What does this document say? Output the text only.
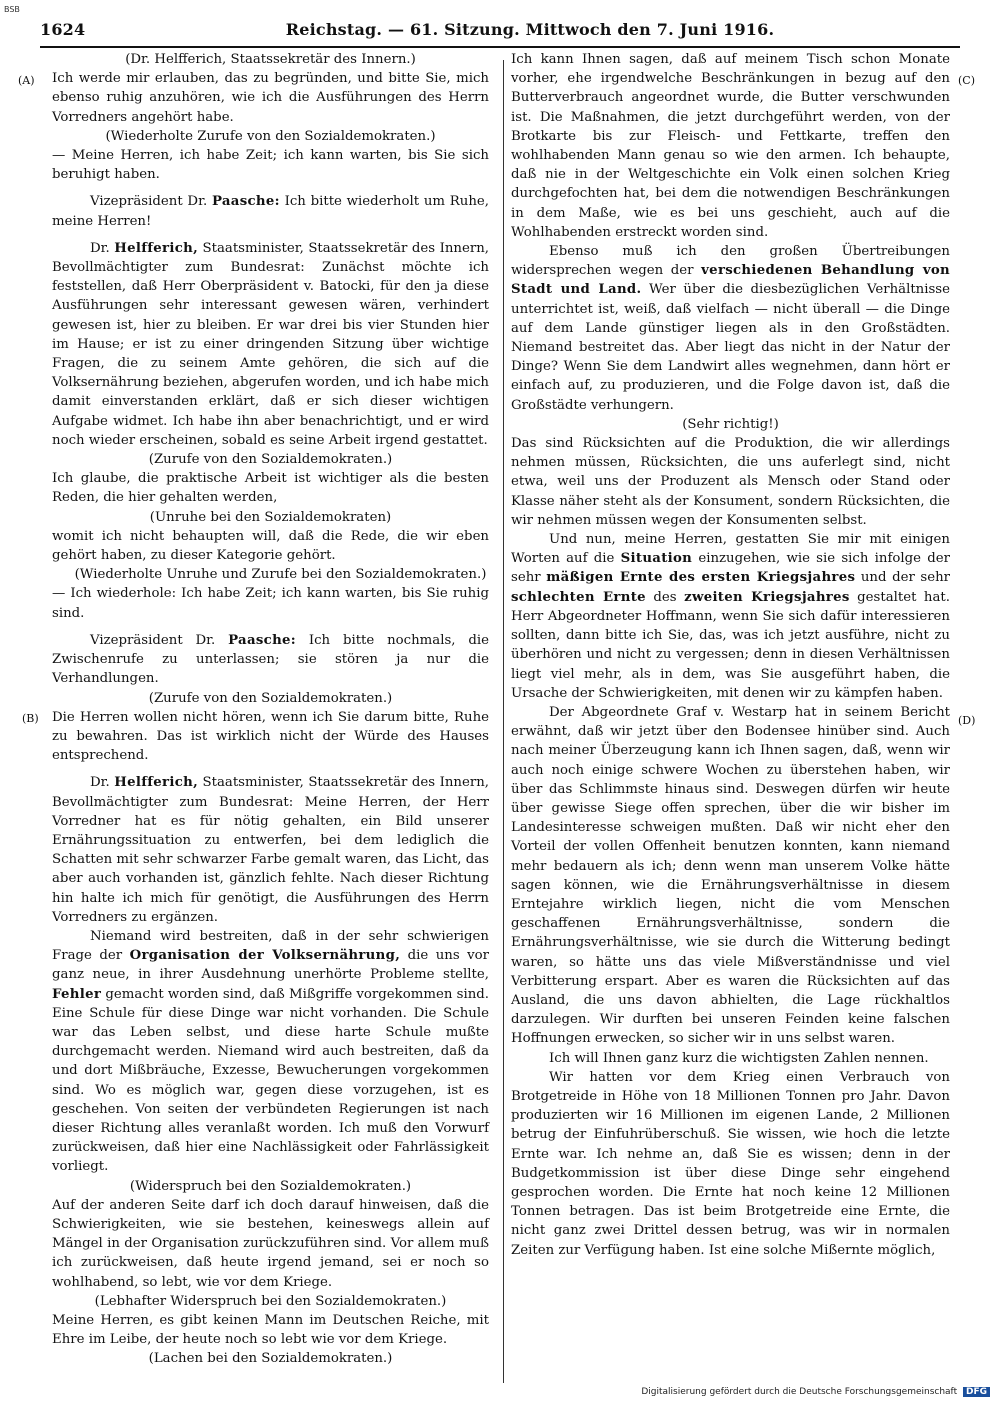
BSB
1624	Reichstag. — 61. Sitzung. Mittwoch den 7. Juni 1916.
(A)
(B)
(C)
(D)

(Dr. Helfferich, Staatssekretär des Innern.)

Ich werde mir erlauben, das zu begründen, und bitte Sie, mich ebenso ruhig anzuhören, wie ich die Ausführungen des Herrn Vorredners angehört habe.

(Wiederholte Zurufe von den Sozialdemokraten.)

— Meine Herren, ich habe Zeit; ich kann warten, bis Sie sich beruhigt haben.

Vizepräsident Dr. Paasche: Ich bitte wiederholt um Ruhe, meine Herren!

Dr. Helfferich, Staatsminister, Staatssekretär des Innern, Bevollmächtigter zum Bundesrat: Zunächst möchte ich feststellen, daß Herr Oberpräsident v. Batocki, für den ja diese Ausführungen sehr interessant gewesen wären, verhindert gewesen ist, hier zu bleiben. Er war drei bis vier Stunden hier im Hause; er ist zu einer dringenden Sitzung über wichtige Fragen, die zu seinem Amte gehören, die sich auf die Volksernährung beziehen, abgerufen worden, und ich habe mich damit einverstanden erklärt, daß er sich dieser wichtigen Aufgabe widmet. Ich habe ihn aber benachrichtigt, und er wird noch wieder erscheinen, sobald es seine Arbeit irgend gestattet.

(Zurufe von den Sozialdemokraten.)

Ich glaube, die praktische Arbeit ist wichtiger als die besten Reden, die hier gehalten werden,

(Unruhe bei den Sozialdemokraten)

womit ich nicht behaupten will, daß die Rede, die wir eben gehört haben, zu dieser Kategorie gehört.

(Wiederholte Unruhe und Zurufe bei den Sozialdemokraten.)

— Ich wiederhole: Ich habe Zeit; ich kann warten, bis Sie ruhig sind.

Vizepräsident Dr. Paasche: Ich bitte nochmals, die Zwischenrufe zu unterlassen; sie stören ja nur die Verhandlungen.

(Zurufe von den Sozialdemokraten.)

Die Herren wollen nicht hören, wenn ich Sie darum bitte, Ruhe zu bewahren. Das ist wirklich nicht der Würde des Hauses entsprechend.

Dr. Helfferich, Staatsminister, Staatssekretär des Innern, Bevollmächtigter zum Bundesrat: Meine Herren, der Herr Vorredner hat es für nötig gehalten, ein Bild unserer Ernährungssituation zu entwerfen, bei dem lediglich die Schatten mit sehr schwarzer Farbe gemalt waren, das Licht, das aber auch vorhanden ist, gänzlich fehlte. Nach dieser Richtung hin halte ich mich für genötigt, die Ausführungen des Herrn Vorredners zu ergänzen.

Niemand wird bestreiten, daß in der sehr schwierigen Frage der Organisation der Volksernährung, die uns vor ganz neue, in ihrer Ausdehnung unerhörte Probleme stellte, Fehler gemacht worden sind, daß Mißgriffe vorgekommen sind. Eine Schule für diese Dinge war nicht vorhanden. Die Schule war das Leben selbst, und diese harte Schule mußte durchgemacht werden. Niemand wird auch bestreiten, daß da und dort Mißbräuche, Exzesse, Bewucherungen vorgekommen sind. Wo es möglich war, gegen diese vorzugehen, ist es geschehen. Von seiten der verbündeten Regierungen ist nach dieser Richtung alles veranlaßt worden. Ich muß den Vorwurf zurückweisen, daß hier eine Nachlässigkeit oder Fahrlässigkeit vorliegt.

(Widerspruch bei den Sozialdemokraten.)

Auf der anderen Seite darf ich doch darauf hinweisen, daß die Schwierigkeiten, wie sie bestehen, keineswegs allein auf Mängel in der Organisation zurückzuführen sind. Vor allem muß ich zurückweisen, daß heute irgend jemand, sei er noch so wohlhabend, so lebt, wie vor dem Kriege.

(Lebhafter Widerspruch bei den Sozialdemokraten.)

Meine Herren, es gibt keinen Mann im Deutschen Reiche, mit Ehre im Leibe, der heute noch so lebt wie vor dem Kriege.

(Lachen bei den Sozialdemokraten.)

Ich kann Ihnen sagen, daß auf meinem Tisch schon Monate vorher, ehe irgendwelche Beschränkungen in bezug auf den Butterverbrauch angeordnet wurde, die Butter verschwunden ist. Die Maßnahmen, die jetzt durchgeführt werden, von der Brotkarte bis zur Fleisch- und Fettkarte, treffen den wohlhabenden Mann genau so wie den armen. Ich behaupte, daß nie in der Weltgeschichte ein Volk einen solchen Krieg durchgefochten hat, bei dem die notwendigen Beschränkungen in dem Maße, wie es bei uns geschieht, auch auf die Wohlhabenden erstreckt worden sind.

Ebenso muß ich den großen Übertreibungen widersprechen wegen der verschiedenen Behandlung von Stadt und Land. Wer über die diesbezüglichen Verhältnisse unterrichtet ist, weiß, daß vielfach — nicht überall — die Dinge auf dem Lande günstiger liegen als in den Großstädten. Niemand bestreitet das. Aber liegt das nicht in der Natur der Dinge? Wenn Sie dem Landwirt alles wegnehmen, dann hört er einfach auf, zu produzieren, und die Folge davon ist, daß die Großstädte verhungern.

(Sehr richtig!)

Das sind Rücksichten auf die Produktion, die wir allerdings nehmen müssen, Rücksichten, die uns auferlegt sind, nicht etwa, weil uns der Produzent als Mensch oder Stand oder Klasse näher steht als der Konsument, sondern Rücksichten, die wir nehmen müssen wegen der Konsumenten selbst.

Und nun, meine Herren, gestatten Sie mir mit einigen Worten auf die Situation einzugehen, wie sie sich infolge der sehr mäßigen Ernte des ersten Kriegsjahres und der sehr schlechten Ernte des zweiten Kriegsjahres gestaltet hat. Herr Abgeordneter Hoffmann, wenn Sie sich dafür interessieren sollten, dann bitte ich Sie, das, was ich jetzt ausführe, nicht zu überhören und nicht zu vergessen; denn in diesen Verhältnissen liegt viel mehr, als in dem, was Sie ausgeführt haben, die Ursache der Schwierigkeiten, mit denen wir zu kämpfen haben.

Der Abgeordnete Graf v. Westarp hat in seinem Bericht erwähnt, daß wir jetzt über den Bodensee hinüber sind. Auch nach meiner Überzeugung kann ich Ihnen sagen, daß, wenn wir auch noch einige schwere Wochen zu überstehen haben, wir über das Schlimmste hinaus sind. Deswegen dürfen wir heute über gewisse Siege offen sprechen, über die wir bisher im Landesinteresse schweigen mußten. Daß wir nicht eher den Vorteil der vollen Offenheit benutzen konnten, kann niemand mehr bedauern als ich; denn wenn man unserem Volke hätte sagen können, wie die Ernährungsverhältnisse in diesem Erntejahre wirklich liegen, nicht die vom Menschen geschaffenen Ernährungsverhältnisse, sondern die Ernährungsverhältnisse, wie sie durch die Witterung bedingt waren, so hätte uns das viele Mißverständnisse und viel Verbitterung erspart. Aber es waren die Rücksichten auf das Ausland, die uns davon abhielten, die Lage rückhaltlos darzulegen. Wir durften bei unseren Feinden keine falschen Hoffnungen erwecken, so sicher wir in uns selbst waren.

Ich will Ihnen ganz kurz die wichtigsten Zahlen nennen.

Wir hatten vor dem Krieg einen Verbrauch von Brotgetreide in Höhe von 18 Millionen Tonnen pro Jahr. Davon produzierten wir 16 Millionen im eigenen Lande, 2 Millionen betrug der Einfuhrüberschuß. Sie wissen, wie hoch die letzte Ernte war. Ich nehme an, daß Sie es wissen; denn in der Budgetkommission ist über diese Dinge sehr eingehend gesprochen worden. Die Ernte hat noch keine 12 Millionen Tonnen betragen. Das ist beim Brotgetreide eine Ernte, die nicht ganz zwei Drittel dessen betrug, was wir in normalen Zeiten zur Verfügung haben. Ist eine solche Mißernte möglich,

Digitalisierung gefördert durch die Deutsche Forschungsgemeinschaft DFG
